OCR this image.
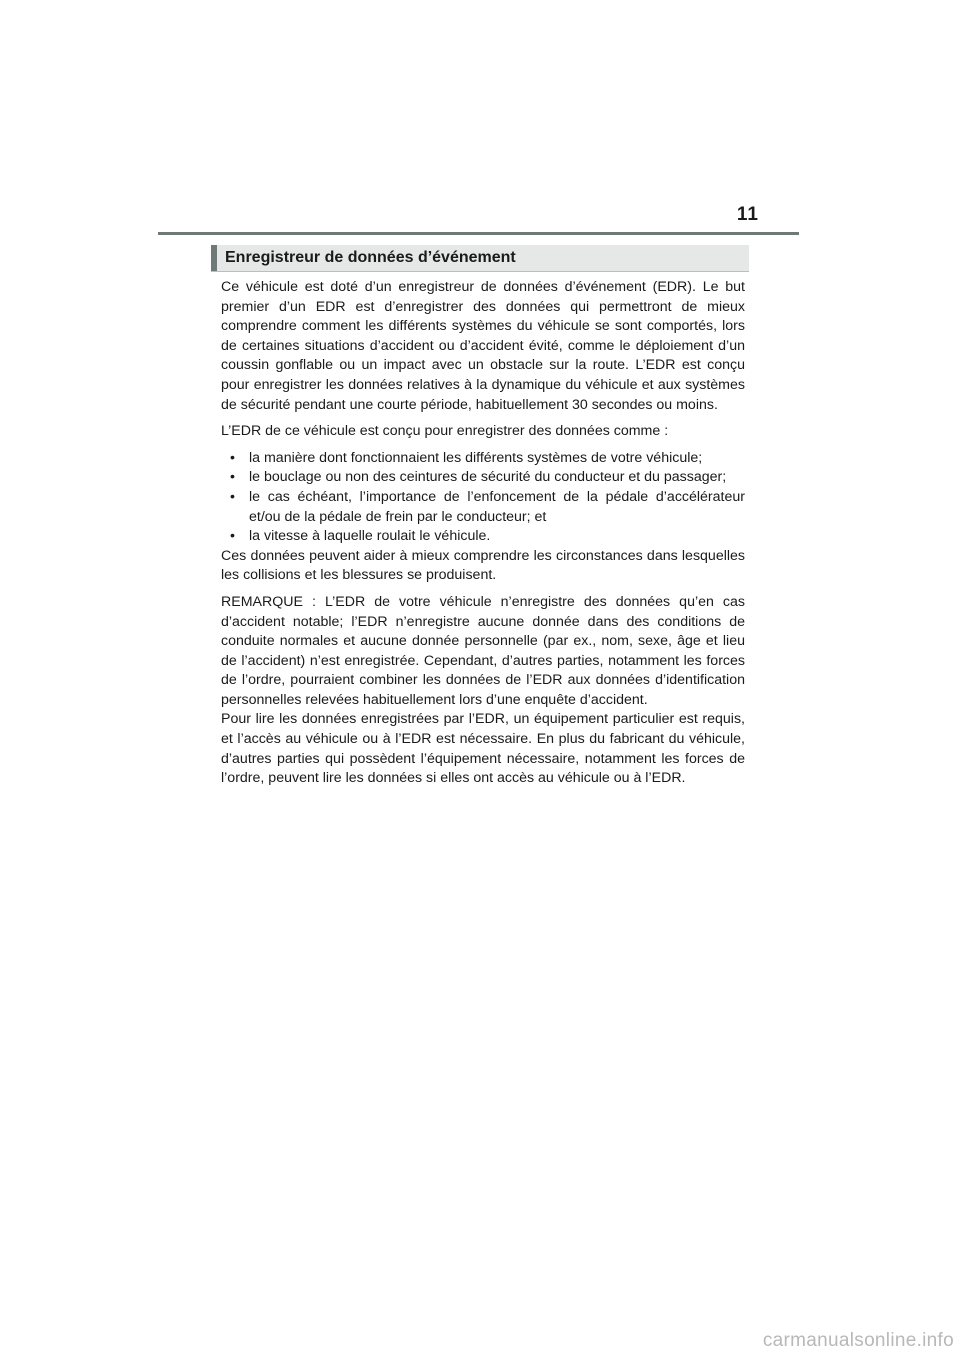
11
Enregistreur de données d’événement

Ce véhicule est doté d’un enregistreur de données d’événement (EDR). Le but premier d’un EDR est d’enregistrer des données qui permettront de mieux comprendre comment les différents systèmes du véhicule se sont comportés, lors de certaines situations d’accident ou d’accident évité, comme le déploiement d’un coussin gonflable ou un impact avec un obstacle sur la route. L’EDR est conçu pour enregistrer les données relatives à la dynamique du véhicule et aux systèmes de sécurité pendant une courte période, habituellement 30 secondes ou moins.

L’EDR de ce véhicule est conçu pour enregistrer des données comme :

• la manière dont fonctionnaient les différents systèmes de votre véhicule;
• le bouclage ou non des ceintures de sécurité du conducteur et du passager;
• le cas échéant, l’importance de l’enfoncement de la pédale d’accélérateur et/ou de la pédale de frein par le conducteur; et
• la vitesse à laquelle roulait le véhicule.

Ces données peuvent aider à mieux comprendre les circonstances dans lesquelles les collisions et les blessures se produisent.

REMARQUE : L’EDR de votre véhicule n’enregistre des données qu’en cas d’accident notable; l’EDR n’enregistre aucune donnée dans des conditions de conduite normales et aucune donnée personnelle (par ex., nom, sexe, âge et lieu de l’accident) n’est enregistrée. Cependant, d’autres parties, notamment les forces de l’ordre, pourraient combiner les données de l’EDR aux données d’identification personnelles relevées habituellement lors d’une enquête d’accident.

Pour lire les données enregistrées par l’EDR, un équipement particulier est requis, et l’accès au véhicule ou à l’EDR est nécessaire. En plus du fabricant du véhicule, d’autres parties qui possèdent l’équipement nécessaire, notamment les forces de l’ordre, peuvent lire les données si elles ont accès au véhicule ou à l’EDR.

carmanualsonline.info
